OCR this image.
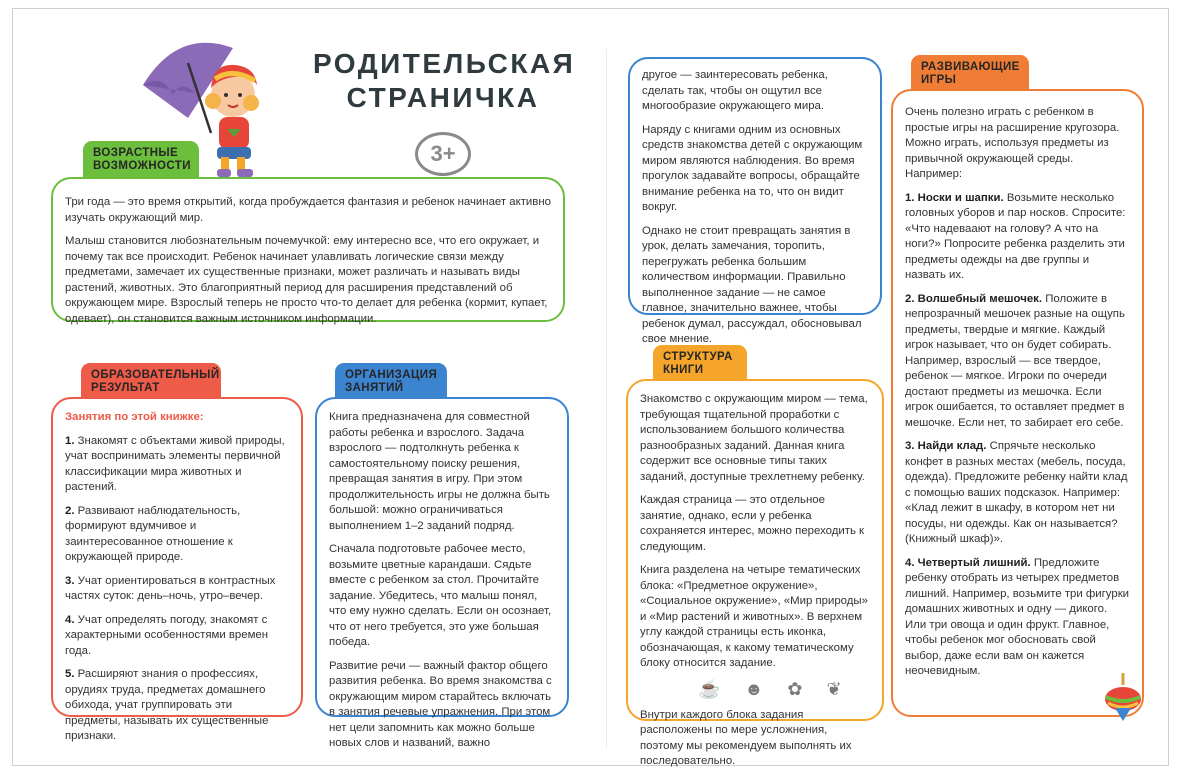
РОДИТЕЛЬСКАЯ
СТРАНИЧКА
3+
ВОЗРАСТНЫЕ
ВОЗМОЖНОСТИ

Три года — это время открытий, когда пробуждается фантазия и ребенок начинает активно изучать окружающий мир.

Малыш становится любознательным почемучкой: ему интересно все, что его окружает, и почему так все происходит. Ребенок начинает улавливать логические связи между предметами, замечает их существенные признаки, может различать и называть виды растений, животных. Это благоприятный период для расширения представлений об окружающем мире. Взрослый теперь не просто что-то делает для ребенка (кормит, купает, одевает), он становится важным источником информации.

ОБРАЗОВАТЕЛЬНЫЙ
РЕЗУЛЬТАТ

Занятия по этой книжке:

1. Знакомят с объектами живой природы, учат воспринимать элементы первичной классификации мира животных и растений.

2. Развивают наблюдательность, формируют вдумчивое и заинтересованное отношение к окружающей природе.

3. Учат ориентироваться в контрастных частях суток: день–ночь, утро–вечер.

4. Учат определять погоду, знакомят с характерными особенностями времен года.

5. Расширяют знания о профессиях, орудиях труда, предметах домашнего обихода, учат группировать эти предметы, называть их существенные признаки.

ОРГАНИЗАЦИЯ
ЗАНЯТИЙ

Книга предназначена для совместной работы ребенка и взрослого. Задача взрослого — подтолкнуть ребенка к самостоятельному поиску решения, превращая занятия в игру. При этом продолжительность игры не должна быть большой: можно ограничиваться выполнением 1–2 заданий подряд.

Сначала подготовьте рабочее место, возьмите цветные карандаши. Сядьте вместе с ребенком за стол. Прочитайте задание. Убедитесь, что малыш понял, что ему нужно сделать. Если он осознает, что от него требуется, это уже большая победа.

Развитие речи — важный фактор общего развития ребенка. Во время знакомства с окружающим миром старайтесь включать в занятия речевые упражнения. При этом нет цели запомнить как можно больше новых слов и названий, важно

другое — заинтересовать ребенка, сделать так, чтобы он ощутил все многообразие окружающего мира.

Наряду с книгами одним из основных средств знакомства детей с окружающим миром являются наблюдения. Во время прогулок задавайте вопросы, обращайте внимание ребенка на то, что он видит вокруг.

Однако не стоит превращать занятия в урок, делать замечания, торопить, перегружать ребенка большим количеством информации. Правильно выполненное задание — не самое главное, значительно важнее, чтобы ребенок думал, рассуждал, обосновывал свое мнение.

СТРУКТУРА
КНИГИ

Знакомство с окружающим миром — тема, требующая тщательной проработки с использованием большого количества разнообразных заданий. Данная книга содержит все основные типы таких заданий, доступные трехлетнему ребенку.

Каждая страница — это отдельное занятие, однако, если у ребенка сохраняется интерес, можно переходить к следующим.

Книга разделена на четыре тематических блока: «Предметное окружение», «Социальное окружение», «Мир природы» и «Мир растений и животных». В верхнем углу каждой страницы есть иконка, обозначающая, к какому тематическому блоку относится задание.

☕ ☻ ✿ ❦

Внутри каждого блока задания расположены по мере усложнения, поэтому мы рекомендуем выполнять их последовательно.

РАЗВИВАЮЩИЕ
ИГРЫ

Очень полезно играть с ребенком в простые игры на расширение кругозора. Можно играть, используя предметы из привычной окружающей среды. Например:

1. Носки и шапки. Возьмите несколько головных уборов и пар носков. Спросите: «Что надеваают на голову? А что на ноги?» Попросите ребенка разделить эти предметы одежды на две группы и назвать их.

2. Волшебный мешочек. Положите в непрозрачный мешочек разные на ощупь предметы, твердые и мягкие. Каждый игрок называет, что он будет собирать. Например, взрослый — все твердое, ребенок — мягкое. Игроки по очереди достают предметы из мешочка. Если игрок ошибается, то оставляет предмет в мешочке. Если нет, то забирает его себе.

3. Найди клад. Спрячьте несколько конфет в разных местах (мебель, посуда, одежда). Предложите ребенку найти клад с помощью ваших подсказок. Например: «Клад лежит в шкафу, в котором нет ни посуды, ни одежды. Как он называется? (Книжный шкаф)».

4. Четвертый лишний. Предложите ребенку отобрать из четырех предметов лишний. Например, возьмите три фигурки домашних животных и одну — дикого. Или три овоща и один фрукт. Главное, чтобы ребенок мог обосновать свой выбор, даже если вам он кажется неочевидным.
